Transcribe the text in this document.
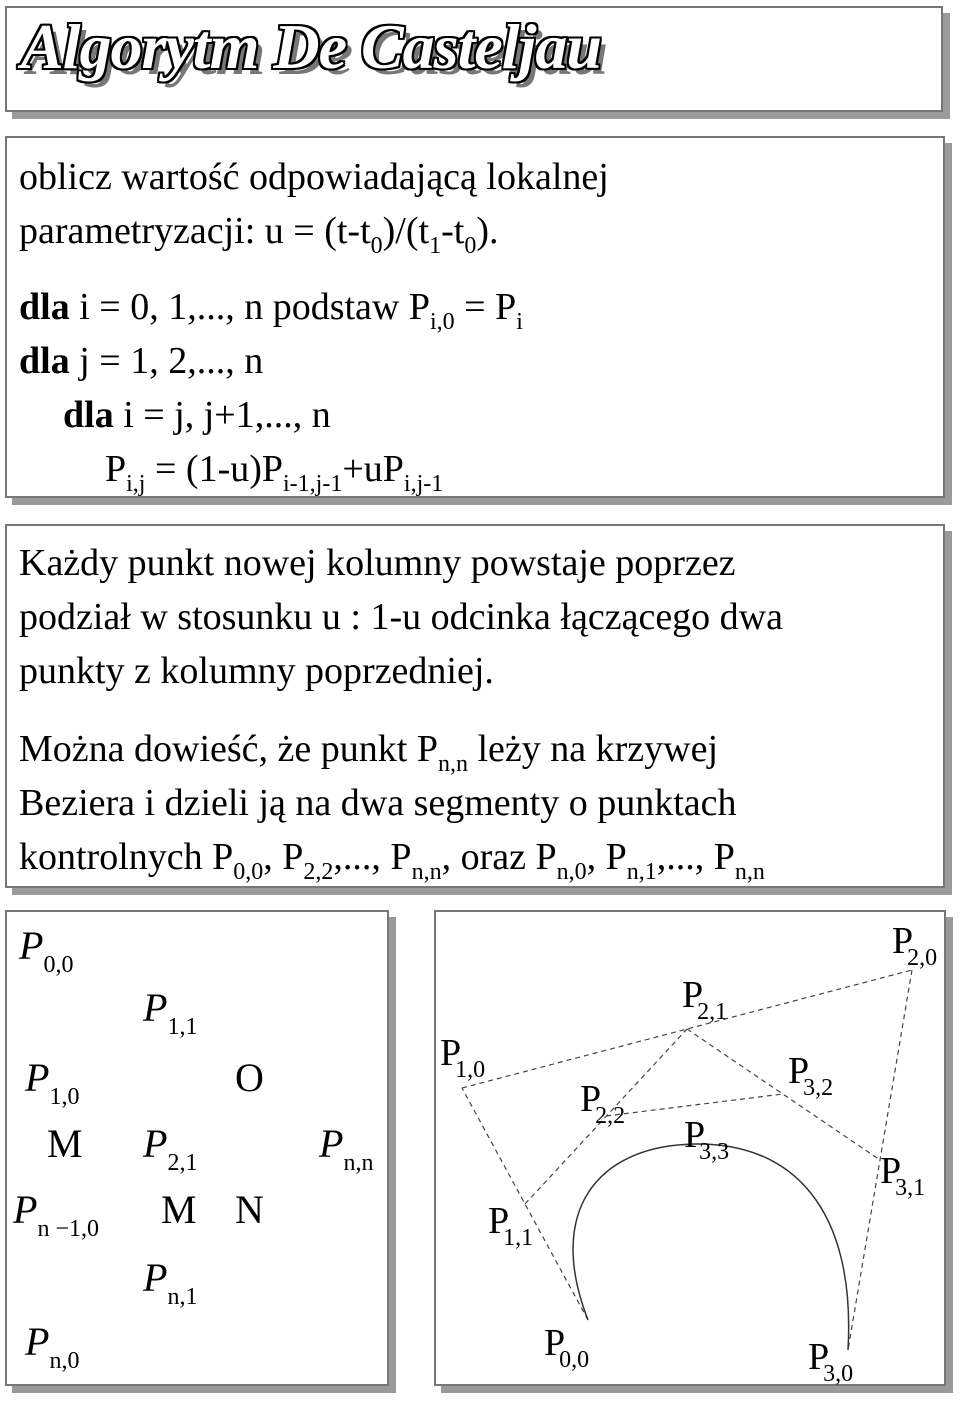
Algorytm De Casteljau
oblicz wartość odpowiadającą lokalnej
parametryzacji: $u = (t-t_0)/(t_1-t_0)$.
dla i = 0, 1,..., n podstaw $P_{i,0} = P_i$
dla j = 1, 2,..., n
dla i = j, j+1,..., n
$P_{i,j} = (1-u)P_{i-1,j-1}+uP_{i,j-1}$
Każdy punkt nowej kolumny powstaje poprzez
podział w stosunku u : 1-u odcinka łączącego dwa
punkty z kolumny poprzedniej.
Można dowieść, że punkt $P_{n,n}$ leży na krzywej
Beziera i dzieli ją na dwa segmenty o punktach
kontrolnych $P_{0,0}$, $P_{2,2}$,..., $P_{n,n}$, oraz $P_{n,0}$, $P_{n,1}$,..., $P_{n,n}$
$P_{0,0}$
$P_{1,1}$
$P_{1,0}$	O
M $P_{2,1}$	$P_{n,n}$
$P_{n -1,0}$ M N
$P_{n,1}$
$P_{n,0}$
$P_{2,0}$
$P_{2,1}$
$P_{1,0}$	$P_{3,2}$
$P_{2,2}$ $P_{3,3}$	$P_{3,1}$
$P_{1,1}$
$P_{0,0}$	$P_{3,0}$
